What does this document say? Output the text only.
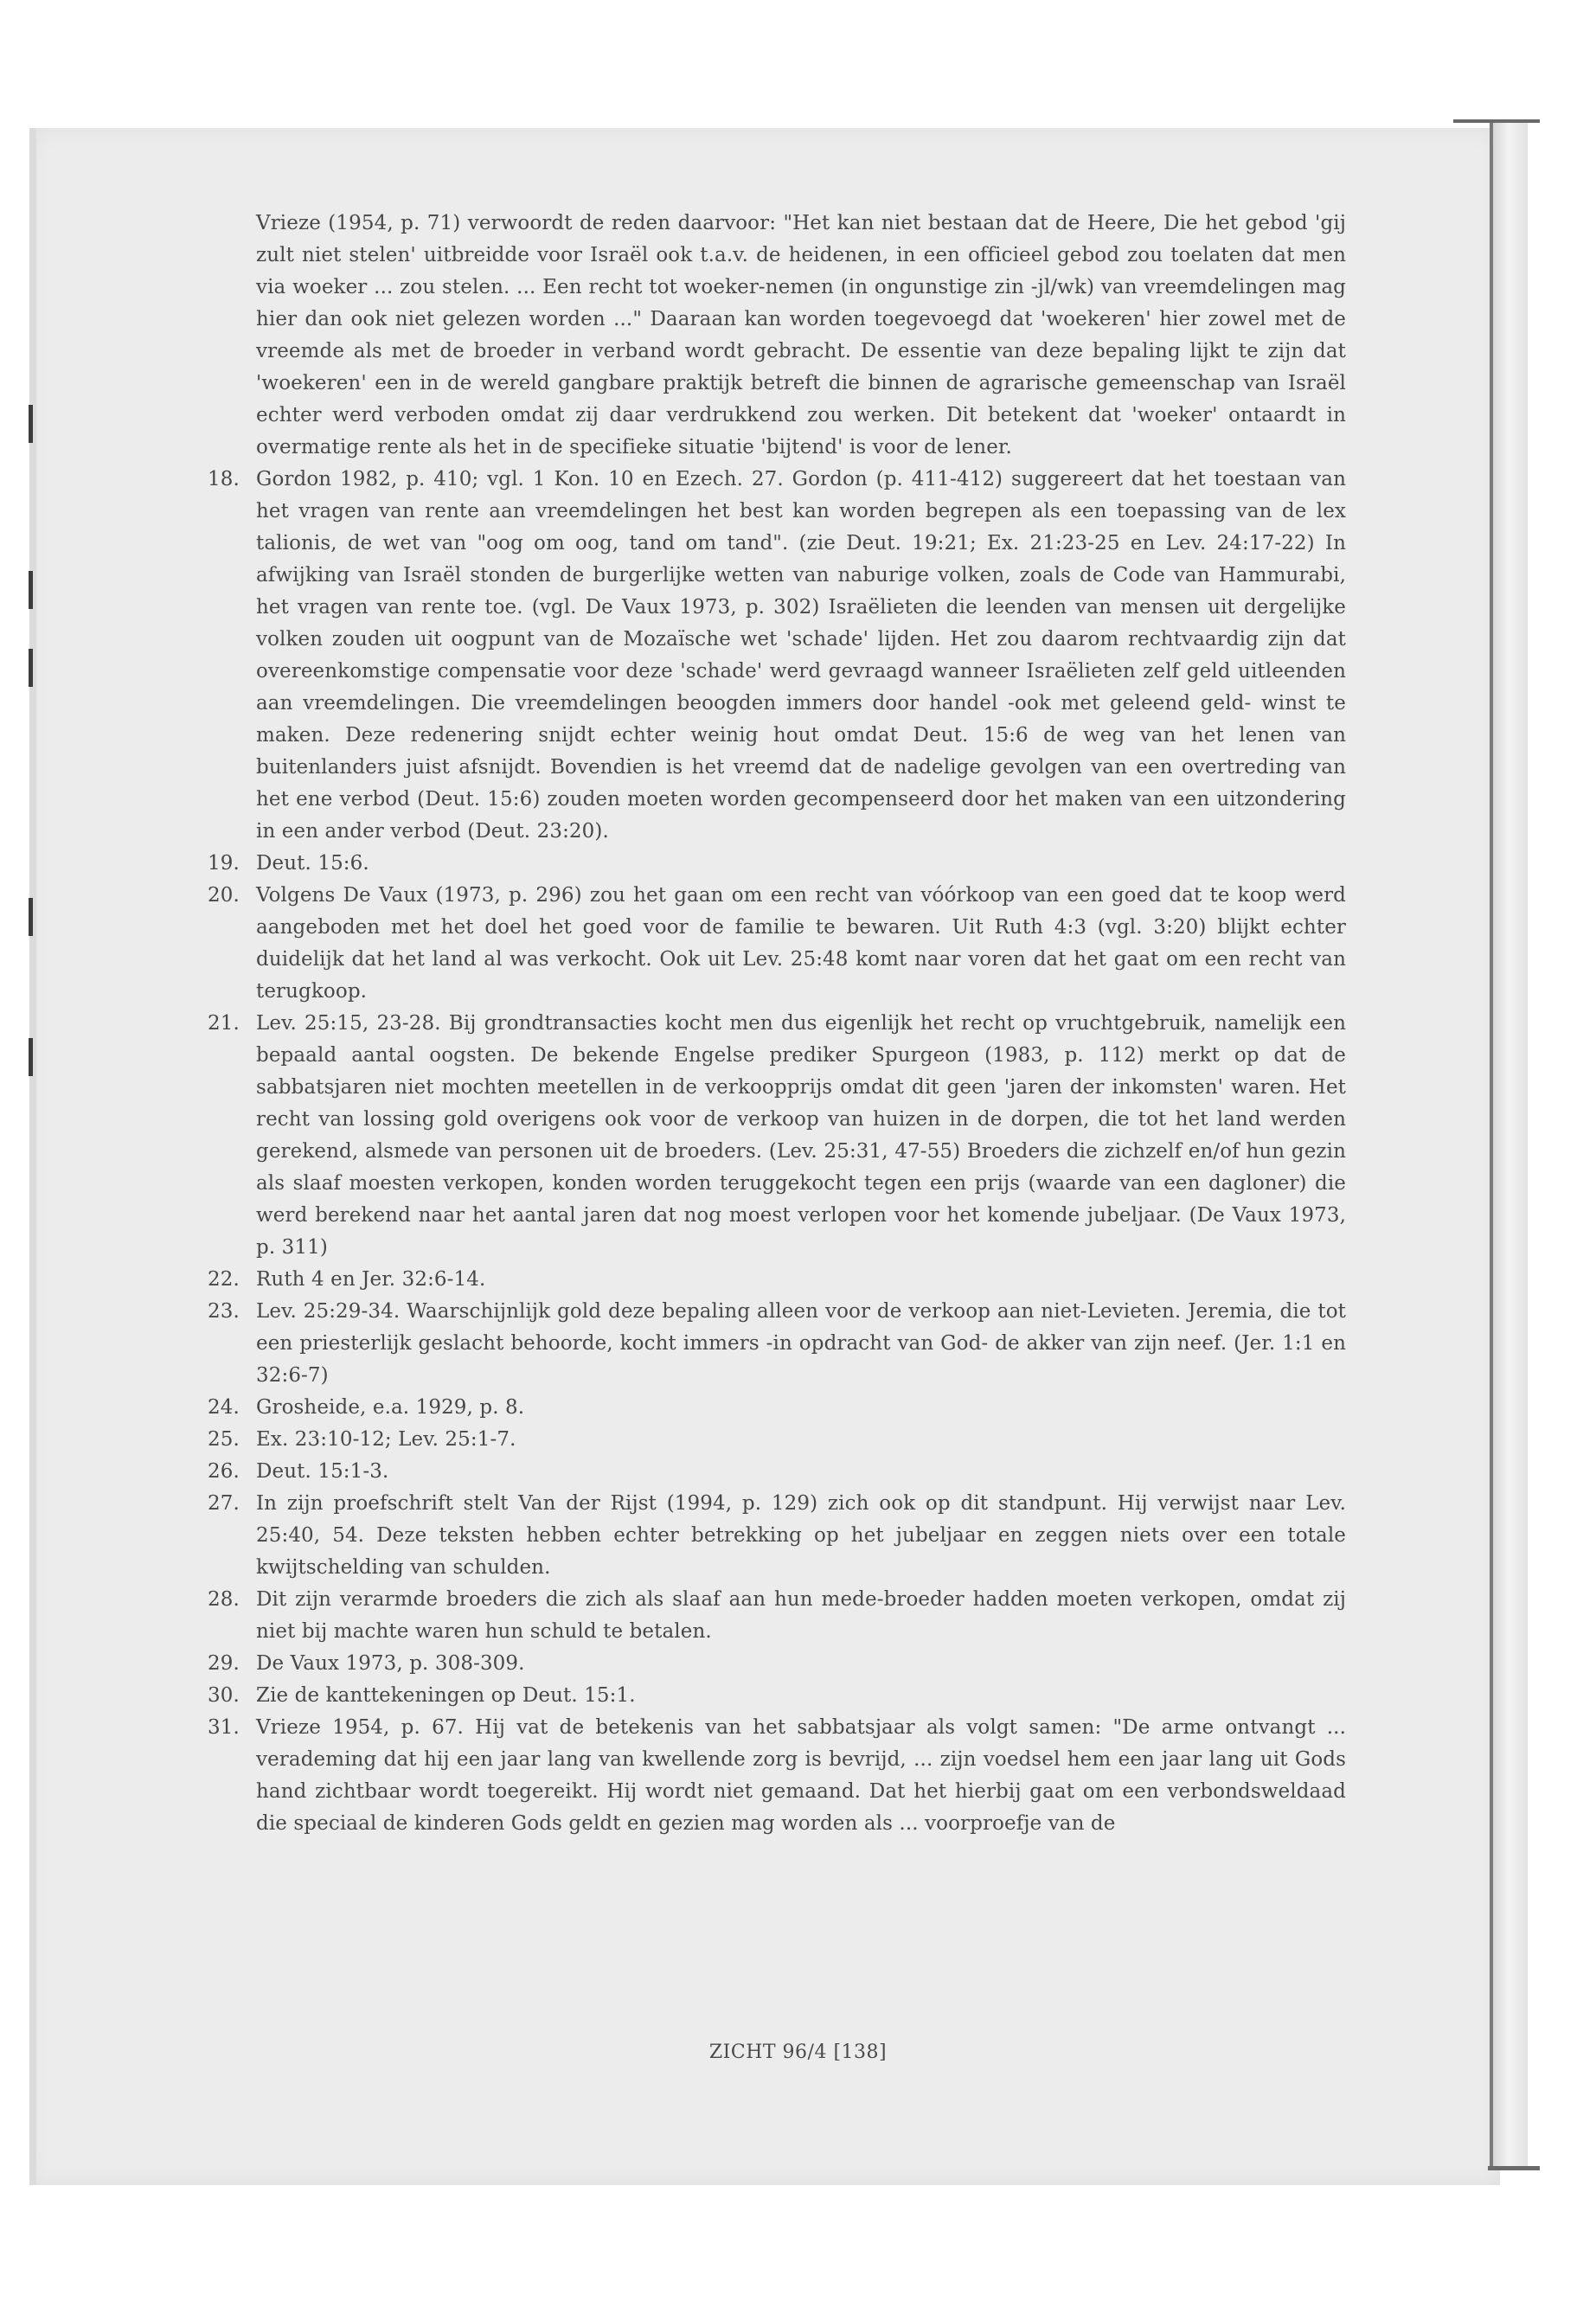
Vrieze (1954, p. 71) verwoordt de reden daarvoor: "Het kan niet bestaan dat de Heere, Die het gebod 'gij zult niet stelen' uitbreidde voor Israël ook t.a.v. de heidenen, in een officieel gebod zou toelaten dat men via woeker ... zou stelen. ... Een recht tot woeker-nemen (in ongunstige zin -jl/wk) van vreemdelingen mag hier dan ook niet gelezen worden ..." Daaraan kan worden toegevoegd dat 'woekeren' hier zowel met de vreemde als met de broeder in verband wordt gebracht. De essentie van deze bepaling lijkt te zijn dat 'woekeren' een in de wereld gangbare praktijk betreft die binnen de agrarische gemeenschap van Israël echter werd verboden omdat zij daar verdrukkend zou werken. Dit betekent dat 'woeker' ontaardt in overmatige rente als het in de specifieke situatie 'bijtend' is voor de lener.
Gordon 1982, p. 410; vgl. 1 Kon. 10 en Ezech. 27. Gordon (p. 411-412) suggereert dat het toestaan van het vragen van rente aan vreemdelingen het best kan worden begrepen als een toepassing van de lex talionis, de wet van "oog om oog, tand om tand". (zie Deut. 19:21; Ex. 21:23-25 en Lev. 24:17-22) In afwijking van Israël stonden de burgerlijke wetten van naburige volken, zoals de Code van Hammurabi, het vragen van rente toe. (vgl. De Vaux 1973, p. 302) Israëlieten die leenden van mensen uit dergelijke volken zouden uit oogpunt van de Mozaïsche wet 'schade' lijden. Het zou daarom rechtvaardig zijn dat overeenkomstige compensatie voor deze 'schade' werd gevraagd wanneer Israëlieten zelf geld uitleenden aan vreemdelingen. Die vreemdelingen beoogden immers door handel -ook met geleend geld- winst te maken. Deze redenering snijdt echter weinig hout omdat Deut. 15:6 de weg van het lenen van buitenlanders juist afsnijdt. Bovendien is het vreemd dat de nadelige gevolgen van een overtreding van het ene verbod (Deut. 15:6) zouden moeten worden gecompenseerd door het maken van een uitzondering in een ander verbod (Deut. 23:20).
Deut. 15:6.
Volgens De Vaux (1973, p. 296) zou het gaan om een recht van vóórkoop van een goed dat te koop werd aangeboden met het doel het goed voor de familie te bewaren. Uit Ruth 4:3 (vgl. 3:20) blijkt echter duidelijk dat het land al was verkocht. Ook uit Lev. 25:48 komt naar voren dat het gaat om een recht van terugkoop.
Lev. 25:15, 23-28. Bij grondtransacties kocht men dus eigenlijk het recht op vruchtgebruik, namelijk een bepaald aantal oogsten. De bekende Engelse prediker Spurgeon (1983, p. 112) merkt op dat de sabbatsjaren niet mochten meetellen in de verkoopprijs omdat dit geen 'jaren der inkomsten' waren. Het recht van lossing gold overigens ook voor de verkoop van huizen in de dorpen, die tot het land werden gerekend, alsmede van personen uit de broeders. (Lev. 25:31, 47-55) Broeders die zichzelf en/of hun gezin als slaaf moesten verkopen, konden worden teruggekocht tegen een prijs (waarde van een dagloner) die werd berekend naar het aantal jaren dat nog moest verlopen voor het komende jubeljaar. (De Vaux 1973, p. 311)
Ruth 4 en Jer. 32:6-14.
Lev. 25:29-34. Waarschijnlijk gold deze bepaling alleen voor de verkoop aan niet-Levieten. Jeremia, die tot een priesterlijk geslacht behoorde, kocht immers -in opdracht van God- de akker van zijn neef. (Jer. 1:1 en 32:6-7)
Grosheide, e.a. 1929, p. 8.
Ex. 23:10-12; Lev. 25:1-7.
Deut. 15:1-3.
In zijn proefschrift stelt Van der Rijst (1994, p. 129) zich ook op dit standpunt. Hij verwijst naar Lev. 25:40, 54. Deze teksten hebben echter betrekking op het jubeljaar en zeggen niets over een totale kwijtschelding van schulden.
Dit zijn verarmde broeders die zich als slaaf aan hun mede-broeder hadden moeten verkopen, omdat zij niet bij machte waren hun schuld te betalen.
De Vaux 1973, p. 308-309.
Zie de kanttekeningen op Deut. 15:1.
Vrieze 1954, p. 67. Hij vat de betekenis van het sabbatsjaar als volgt samen: "De arme ontvangt ... verademing dat hij een jaar lang van kwellende zorg is bevrijd, ... zijn voedsel hem een jaar lang uit Gods hand zichtbaar wordt toegereikt. Hij wordt niet gemaand. Dat het hierbij gaat om een verbondsweldaad die speciaal de kinderen Gods geldt en gezien mag worden als ... voorproefje van de
ZICHT 96/4 [138]
